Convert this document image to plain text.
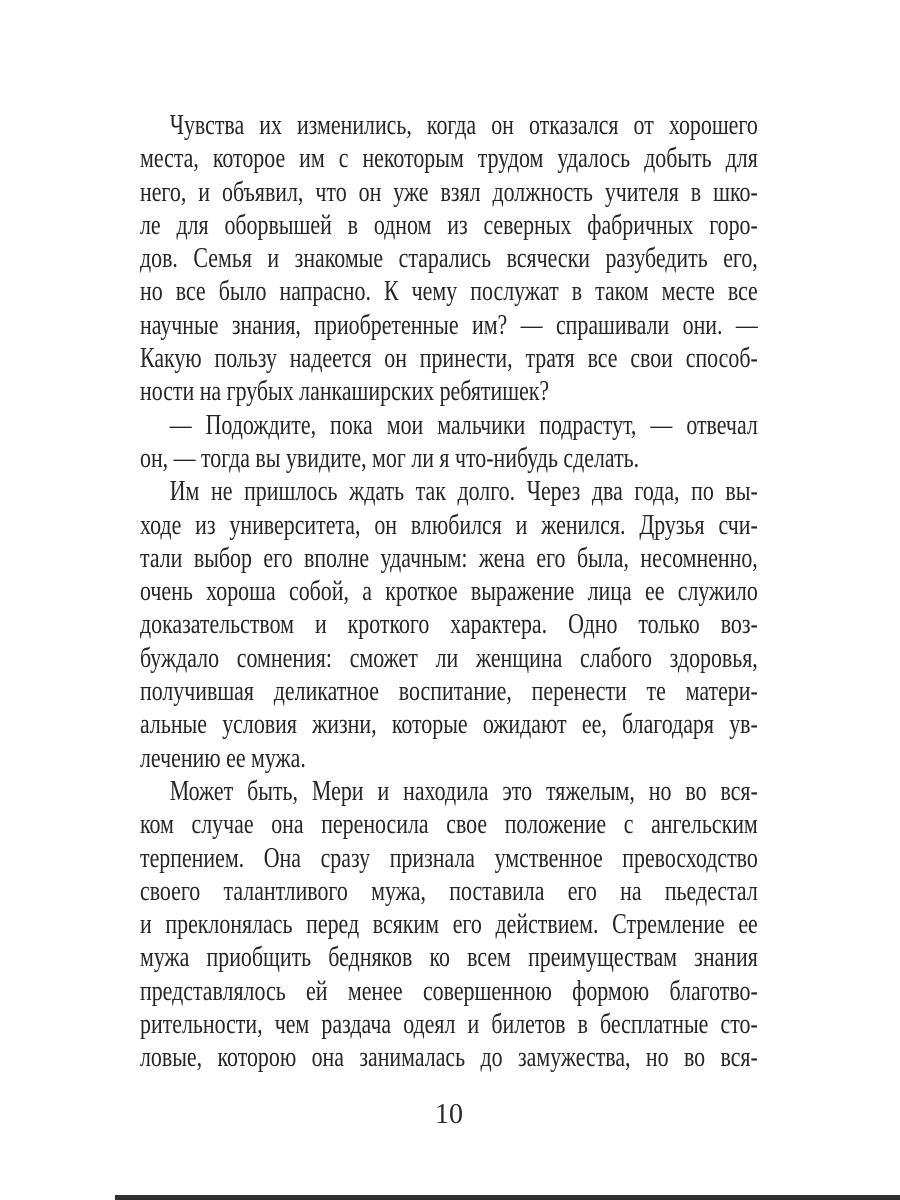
Чувства их изменились, когда он отказался от хорошего
места, которое им с некоторым трудом удалось добыть для
него, и объявил, что он уже взял должность учителя в шко-
ле для оборвышей в одном из северных фабричных горо-
дов. Семья и знакомые старались всячески разубедить его,
но все было напрасно. К чему послужат в таком месте все
научные знания, приобретенные им? — спрашивали они. —
Какую пользу надеется он принести, тратя все свои способ-
ности на грубых ланкаширских ребятишек?
— Подождите, пока мои мальчики подрастут, — отвечал
он, — тогда вы увидите, мог ли я что-нибудь сделать.
Им не пришлось ждать так долго. Через два года, по вы-
ходе из университета, он влюбился и женился. Друзья счи-
тали выбор его вполне удачным: жена его была, несомненно,
очень хороша собой, а кроткое выражение лица ее служило
доказательством и кроткого характера. Одно только воз-
буждало сомнения: сможет ли женщина слабого здоровья,
получившая деликатное воспитание, перенести те матери-
альные условия жизни, которые ожидают ее, благодаря ув-
лечению ее мужа.
Может быть, Мери и находила это тяжелым, но во вся-
ком случае она переносила свое положение с ангельским
терпением. Она сразу признала умственное превосходство
своего талантливого мужа, поставила его на пьедестал
и преклонялась перед всяким его действием. Стремление ее
мужа приобщить бедняков ко всем преимуществам знания
представлялось ей менее совершенною формою благотво-
рительности, чем раздача одеял и билетов в бесплатные сто-
ловые, которою она занималась до замужества, но во вся-
10
